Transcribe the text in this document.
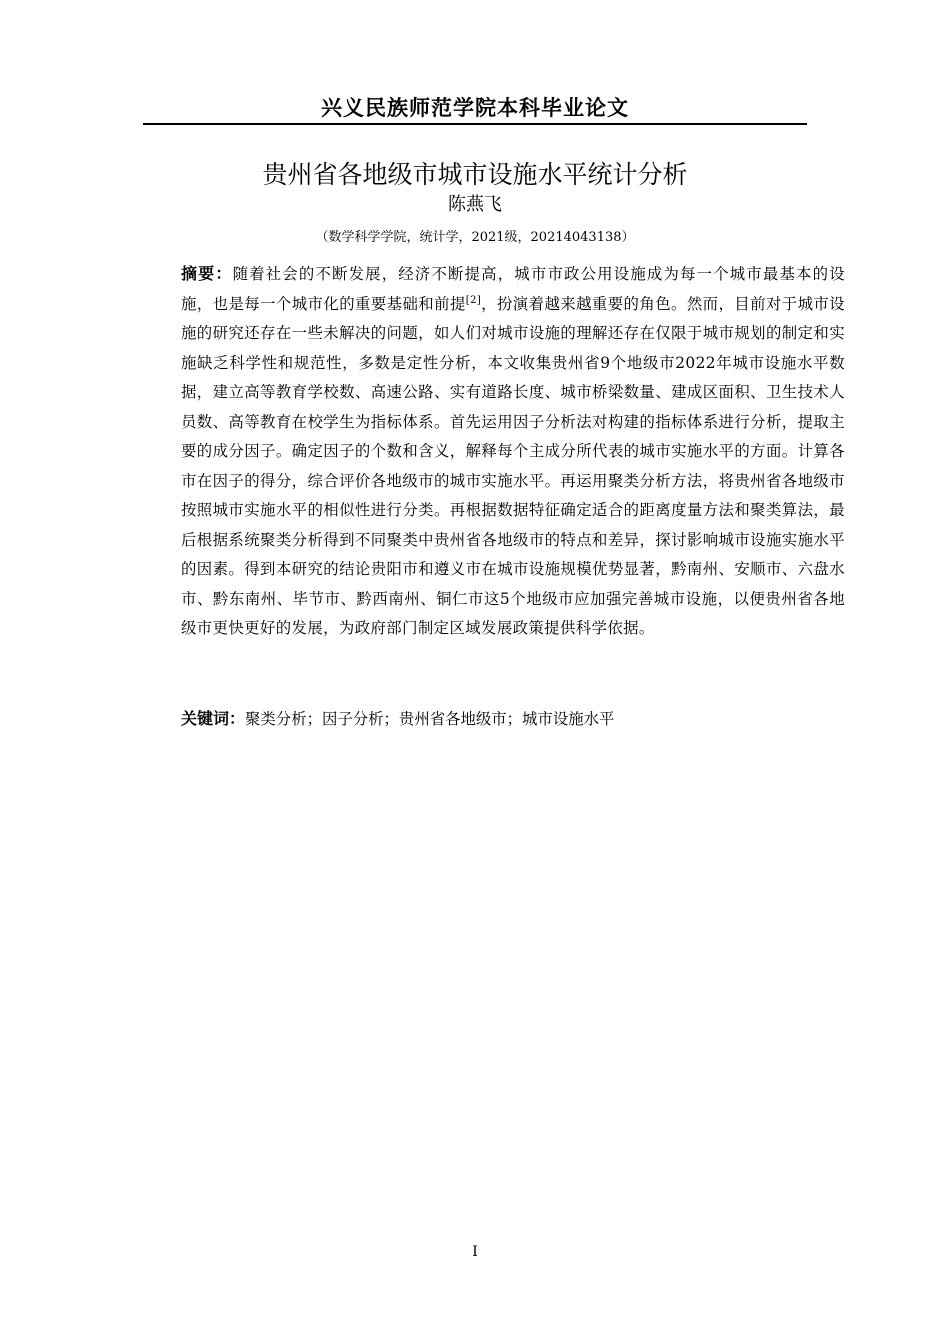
兴义民族师范学院本科毕业论文
贵州省各地级市城市设施水平统计分析
陈燕飞
（数学科学学院，统计学，2021级，20214043138）
摘要：随着社会的不断发展，经济不断提高，城市市政公用设施成为每一个城市最基本的设施，也是每一个城市化的重要基础和前提[2]，扮演着越来越重要的角色。然而，目前对于城市设施的研究还存在一些未解决的问题，如人们对城市设施的理解还存在仅限于城市规划的制定和实施缺乏科学性和规范性，多数是定性分析，本文收集贵州省9个地级市2022年城市设施水平数据，建立高等教育学校数、高速公路、实有道路长度、城市桥梁数量、建成区面积、卫生技术人员数、高等教育在校学生为指标体系。首先运用因子分析法对构建的指标体系进行分析，提取主要的成分因子。确定因子的个数和含义，解释每个主成分所代表的城市实施水平的方面。计算各市在因子的得分，综合评价各地级市的城市实施水平。再运用聚类分析方法，将贵州省各地级市按照城市实施水平的相似性进行分类。再根据数据特征确定适合的距离度量方法和聚类算法，最后根据系统聚类分析得到不同聚类中贵州省各地级市的特点和差异，探讨影响城市设施实施水平的因素。得到本研究的结论贵阳市和遵义市在城市设施规模优势显著，黔南州、安顺市、六盘水市、黔东南州、毕节市、黔西南州、铜仁市这5个地级市应加强完善城市设施，以便贵州省各地级市更快更好的发展，为政府部门制定区域发展政策提供科学依据。
关键词：聚类分析；因子分析；贵州省各地级市；城市设施水平
I
